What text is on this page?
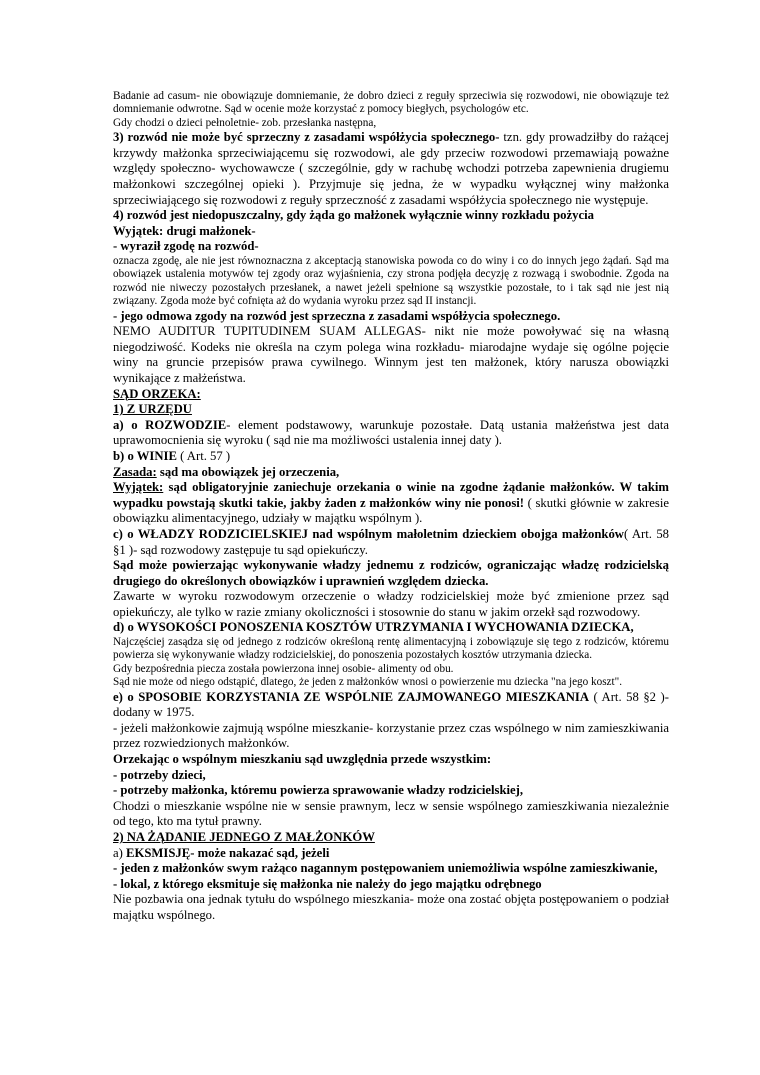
Badanie ad casum- nie obowiązuje domniemanie, że dobro dzieci z reguły sprzeciwia się rozwodowi, nie obowiązuje też domniemanie odwrotne. Sąd w ocenie może korzystać z pomocy biegłych, psychologów etc.

Gdy chodzi o dzieci pełnoletnie- zob. przesłanka następna,

3) rozwód nie może być sprzeczny z zasadami współżycia społecznego- tzn. gdy prowadziłby do rażącej krzywdy małżonka sprzeciwiającemu się rozwodowi, ale gdy przeciw rozwodowi przemawiają poważne względy społeczno- wychowawcze ( szczególnie, gdy w rachubę wchodzi potrzeba zapewnienia drugiemu małżonkowi szczególnej opieki ). Przyjmuje się jedna, że w wypadku wyłącznej winy małżonka sprzeciwiającego się rozwodowi z reguły sprzeczność z zasadami współżycia społecznego nie występuje.

4) rozwód jest niedopuszczalny, gdy żąda go małżonek wyłącznie winny rozkładu pożycia

Wyjątek: drugi małżonek-

- wyraził zgodę na rozwód-

oznacza zgodę, ale nie jest równoznaczna z akceptacją stanowiska powoda co do winy i co do innych jego żądań. Sąd ma obowiązek ustalenia motywów tej zgody oraz wyjaśnienia, czy strona podjęła decyzję z rozwagą i swobodnie. Zgoda na rozwód nie niweczy pozostałych przesłanek, a nawet jeżeli spełnione są wszystkie pozostałe, to i tak sąd nie jest nią związany. Zgoda może być cofnięta aż do wydania wyroku przez sąd II instancji.

- jego odmowa zgody na rozwód jest sprzeczna z zasadami współżycia społecznego.

NEMO AUDITUR TUPITUDINEM SUAM ALLEGAS- nikt nie może powoływać się na własną niegodziwość. Kodeks nie określa na czym polega wina rozkładu- miarodajne wydaje się ogólne pojęcie winy na gruncie przepisów prawa cywilnego. Winnym jest ten małżonek, który narusza obowiązki wynikające z małżeństwa.

SĄD ORZEKA:

1) Z URZĘDU

a) o ROZWODZIE- element podstawowy, warunkuje pozostałe. Datą ustania małżeństwa jest data uprawomocnienia się wyroku ( sąd nie ma możliwości ustalenia innej daty ).

b) o WINIE ( Art. 57 )

Zasada: sąd ma obowiązek jej orzeczenia,

Wyjątek: sąd obligatoryjnie zaniechuje orzekania o winie na zgodne żądanie małżonków. W takim wypadku powstają skutki takie, jakby żaden z małżonków winy nie ponosi! ( skutki głównie w zakresie obowiązku alimentacyjnego, udziały w majątku wspólnym ).

c) o WŁADZY RODZICIELSKIEJ nad wspólnym małoletnim dzieckiem obojga małżonków( Art. 58 §1 )- sąd rozwodowy zastępuje tu sąd opiekuńczy.

Sąd może powierzając wykonywanie władzy jednemu z rodziców, ograniczając władzę rodzicielską drugiego do określonych obowiązków i uprawnień względem dziecka.

Zawarte w wyroku rozwodowym orzeczenie o władzy rodzicielskiej może być zmienione przez sąd opiekuńczy, ale tylko w razie zmiany okoliczności i stosownie do stanu w jakim orzekł sąd rozwodowy.

d) o WYSOKOŚCI PONOSZENIA KOSZTÓW UTRZYMANIA I WYCHOWANIA DZIECKA,

Najczęściej zasądza się od jednego z rodziców określoną rentę alimentacyjną i zobowiązuje się tego z rodziców, któremu powierza się wykonywanie władzy rodzicielskiej, do ponoszenia pozostałych kosztów utrzymania dziecka.

Gdy bezpośrednia piecza została powierzona innej osobie- alimenty od obu.

Sąd nie może od niego odstąpić, dlatego, że jeden z małżonków wnosi o powierzenie mu dziecka "na jego koszt".

e) o SPOSOBIE KORZYSTANIA ZE WSPÓLNIE ZAJMOWANEGO MIESZKANIA ( Art. 58 §2 )- dodany w 1975.

- jeżeli małżonkowie zajmują wspólne mieszkanie- korzystanie przez czas wspólnego w nim zamieszkiwania przez rozwiedzionych małżonków.

Orzekając o wspólnym mieszkaniu sąd uwzględnia przede wszystkim:

- potrzeby dzieci,

- potrzeby małżonka, któremu powierza sprawowanie władzy rodzicielskiej,

Chodzi o mieszkanie wspólne nie w sensie prawnym, lecz w sensie wspólnego zamieszkiwania niezależnie od tego, kto ma tytuł prawny.

2) NA ŻĄDANIE JEDNEGO Z MAŁŻONKÓW

a) EKSMISJĘ- może nakazać sąd, jeżeli

- jeden z małżonków swym rażąco nagannym postępowaniem uniemożliwia wspólne zamieszkiwanie,

- lokal, z którego eksmituje się małżonka nie należy do jego majątku odrębnego

Nie pozbawia ona jednak tytułu do wspólnego mieszkania- może ona zostać objęta postępowaniem o podział majątku wspólnego.
